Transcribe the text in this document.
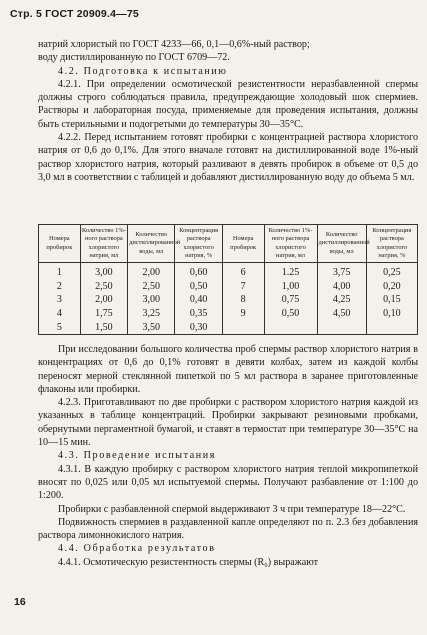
Стр. 5 ГОСТ 20909.4—75

натрий хлористый по ГОСТ 4233—66, 0,1—0,6%-ный раствор;

воду дистиллированную по ГОСТ 6709—72.

4.2. Подготовка к испытанию

4.2.1. При определении осмотической резистентности неразбавленной спермы должны строго соблюдаться правила, предупреждающие холодовый шок спермиев. Растворы и лабораторная посуда, применяемые для проведения испытания, должны быть стерильными и подогретыми до температуры 30—35°С.

4.2.2. Перед испытанием готовят пробирки с концентрацией раствора хлористого натрия от 0,6 до 0,1%. Для этого вначале готовят на дистиллированной воде 1%-ный раствор хлористого натрия, который разливают в девять пробирок в объеме от 0,5 до 3,0 мл в соответствии с таблицей и добавляют дистиллированную воду до объема 5 мл.

Номера пробирок	Количество 1%-ного раствора хлористого натрия, мл	Количество дистиллированной воды, мл	Концентрация раствора хлористого натрия, %	Номера пробирок	Количество 1%-ного раствора хлористого натрия, мл	Количество дистиллированной воды, мл	Концентрация раствора хлористого натрия, %
1	3,00	2,00	0,60	6	1.25	3,75	0,25
2	2,50	2,50	0,50	7	1,00	4,00	0,20
3	2,00	3,00	0,40	8	0,75	4,25	0,15
4	1,75	3,25	0,35	9	0,50	4,50	0,10
5	1,50	3,50	0,30				

При исследовании большого количества проб спермы раствор хлористого натрия в концентрациях от 0,6 до 0,1% готовят в девяти колбах, затем из каждой колбы переносят мерной стеклянной пипеткой по 5 мл раствора в заранее приготовленные флаконы или пробирки.

4.2.3. Приготавливают по две пробирки с раствором хлористого натрия каждой из указанных в таблице концентраций. Пробирки закрывают резиновыми пробками, обернутыми пергаментной бумагой, и ставят в термостат при температуре 30—35°С на 10—15 мин.

4.3. Проведение испытания

4.3.1. В каждую пробирку с раствором хлористого натрия теплой микропипеткой вносят по 0,025 или 0,05 мл испытуемой спермы. Получают разбавление от 1:100 до 1:200.

Пробирки с разбавленной спермой выдерживают 3 ч при температуре 18—22°С.

Подвижность спермиев в раздавленной капле определяют по п. 2.3 без добавления раствора лимоннокислого натрия.

4.4. Обработка результатов

4.4.1. Осмотическую резистентность спермы (R₀) выражают

16
